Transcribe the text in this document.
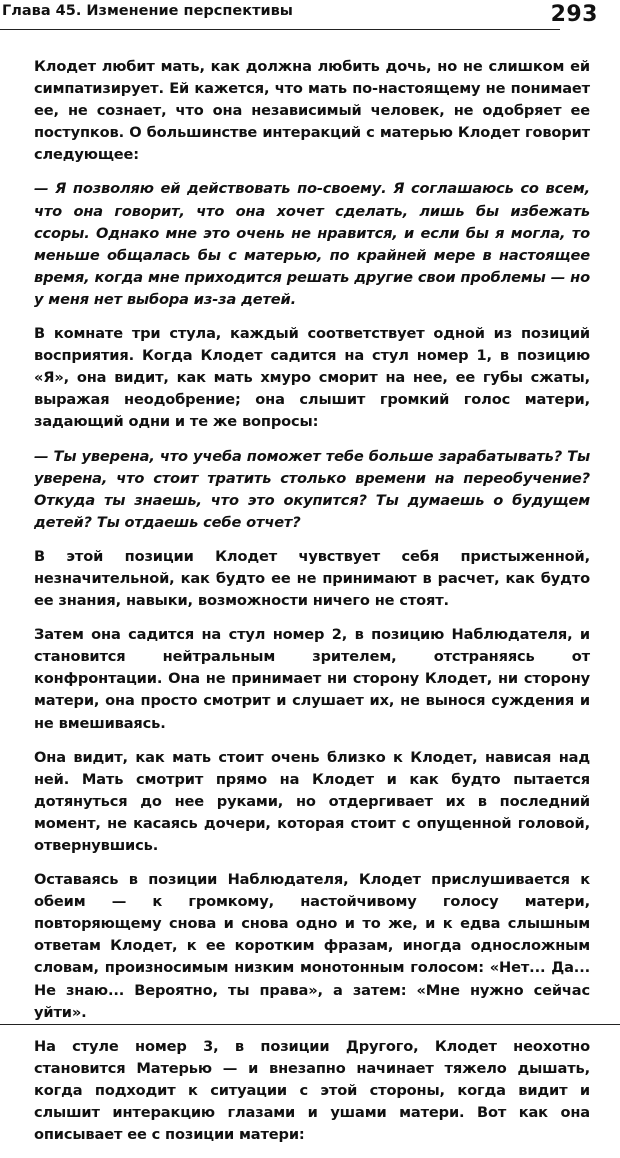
Глава 45. Изменение перспективы	293

Клодет любит мать, как должна любить дочь, но не слишком ей симпатизирует. Ей кажется, что мать по-настоящему не понимает ее, не сознает, что она независимый человек, не одобряет ее поступков. О большинстве интеракций с матерью Клодет говорит следующее:

— Я позволяю ей действовать по-своему. Я соглашаюсь со всем, что она говорит, что она хочет сделать, лишь бы избежать ссоры. Однако мне это очень не нравится, и если бы я могла, то меньше общалась бы с матерью, по крайней мере в настоящее время, когда мне приходится решать другие свои проблемы — но у меня нет выбора из-за детей.

В комнате три стула, каждый соответствует одной из позиций восприятия. Когда Клодет садится на стул номер 1, в позицию «Я», она видит, как мать хмуро сморит на нее, ее губы сжаты, выражая неодобрение; она слышит громкий голос матери, задающий одни и те же вопросы:

— Ты уверена, что учеба поможет тебе больше зарабатывать? Ты уверена, что стоит тратить столько времени на переобучение? Откуда ты знаешь, что это окупится? Ты думаешь о будущем детей? Ты отдаешь себе отчет?

В этой позиции Клодет чувствует себя пристыженной, незначительной, как будто ее не принимают в расчет, как будто ее знания, навыки, возможности ничего не стоят.

Затем она садится на стул номер 2, в позицию Наблюдателя, и становится нейтральным зрителем, отстраняясь от конфронтации. Она не принимает ни сторону Клодет, ни сторону матери, она просто смотрит и слушает их, не вынося суждения и не вмешиваясь.

Она видит, как мать стоит очень близко к Клодет, нависая над ней. Мать смотрит прямо на Клодет и как будто пытается дотянуться до нее руками, но отдергивает их в последний момент, не касаясь дочери, которая стоит с опущенной головой, отвернувшись.

Оставаясь в позиции Наблюдателя, Клодет прислушивается к обеим — к громкому, настойчивому голосу матери, повторяющему снова и снова одно и то же, и к едва слышным ответам Клодет, к ее коротким фразам, иногда односложным словам, произносимым низким монотонным голосом: «Нет... Да... Не знаю... Вероятно, ты права», а затем: «Мне нужно сейчас уйти».

На стуле номер 3, в позиции Другого, Клодет неохотно становится Матерью — и внезапно начинает тяжело дышать, когда подходит к ситуации с этой стороны, когда видит и слышит интеракцию глазами и ушами матери. Вот как она описывает ее с позиции матери:
